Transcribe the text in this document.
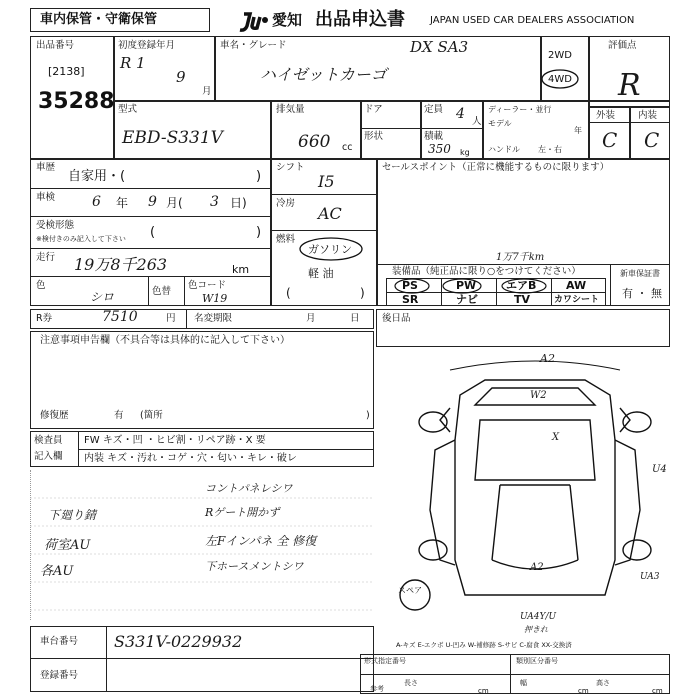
車内保管・守衛保管	愛知 出品申込書	JAPAN USED CAR DEALERS ASSOCIATION
出品番号
[2138]
35288
初度登録年月
R 1
9
月
車名・グレード
ハイゼットカーゴ
DX SA3	2WD
4WD
評価点
R
外装 内装
C C
型式
EBD-S331V
排気量
660 cc
ドア
形状
定員 4 人
積載
350 kg
ディーラー・並行
モデル
年
ハンドル 左・右
車歴
自家用・(	)
車検	6 年 9 月( 3 日)
受検形態
※検付きのみ記入して下さい (	)
走行 19万8千263	km
色
シロ	色替
色コード
W19
シフト
I5
冷房
AC
燃料
ガソリン
軽 油
(	)
セールスポイント（正常に機能するものに限ります）
1万7千km
装備品（純正品に限り○をつけてください）	新車保証書
有 ・ 無
PS	PW	エアB	AW
SR	ナビ	TV	カワシート
R券	7510	円 名変期限	月	日 後日品
注意事項申告欄（不具合等は具体的に記入して下さい）
修復歴	有 (箇所	)
検査員
記入欄
FW キズ・凹 ・ヒビ割・リペア跡・X 要
内装 キズ・汚れ・コゲ・穴・匂い・キレ・破レ
コントパネレシワ
下廻り錆	Rゲート開かず
荷室AU	左Fインパネ 全 修復
各AU	下ホースメントシワ
スペア
A2
W2
X
U4
A2
UA3
UA4Y/U
押きれ
A-キズ E-エクボ U-凹み W-補修跡 S-サビ C-腐食 XX-交換済
車台番号 S331V-0229932
登録番号
形式指定番号	類別区分番号
参考
長さ
cm
幅
cm
高さ
cm
